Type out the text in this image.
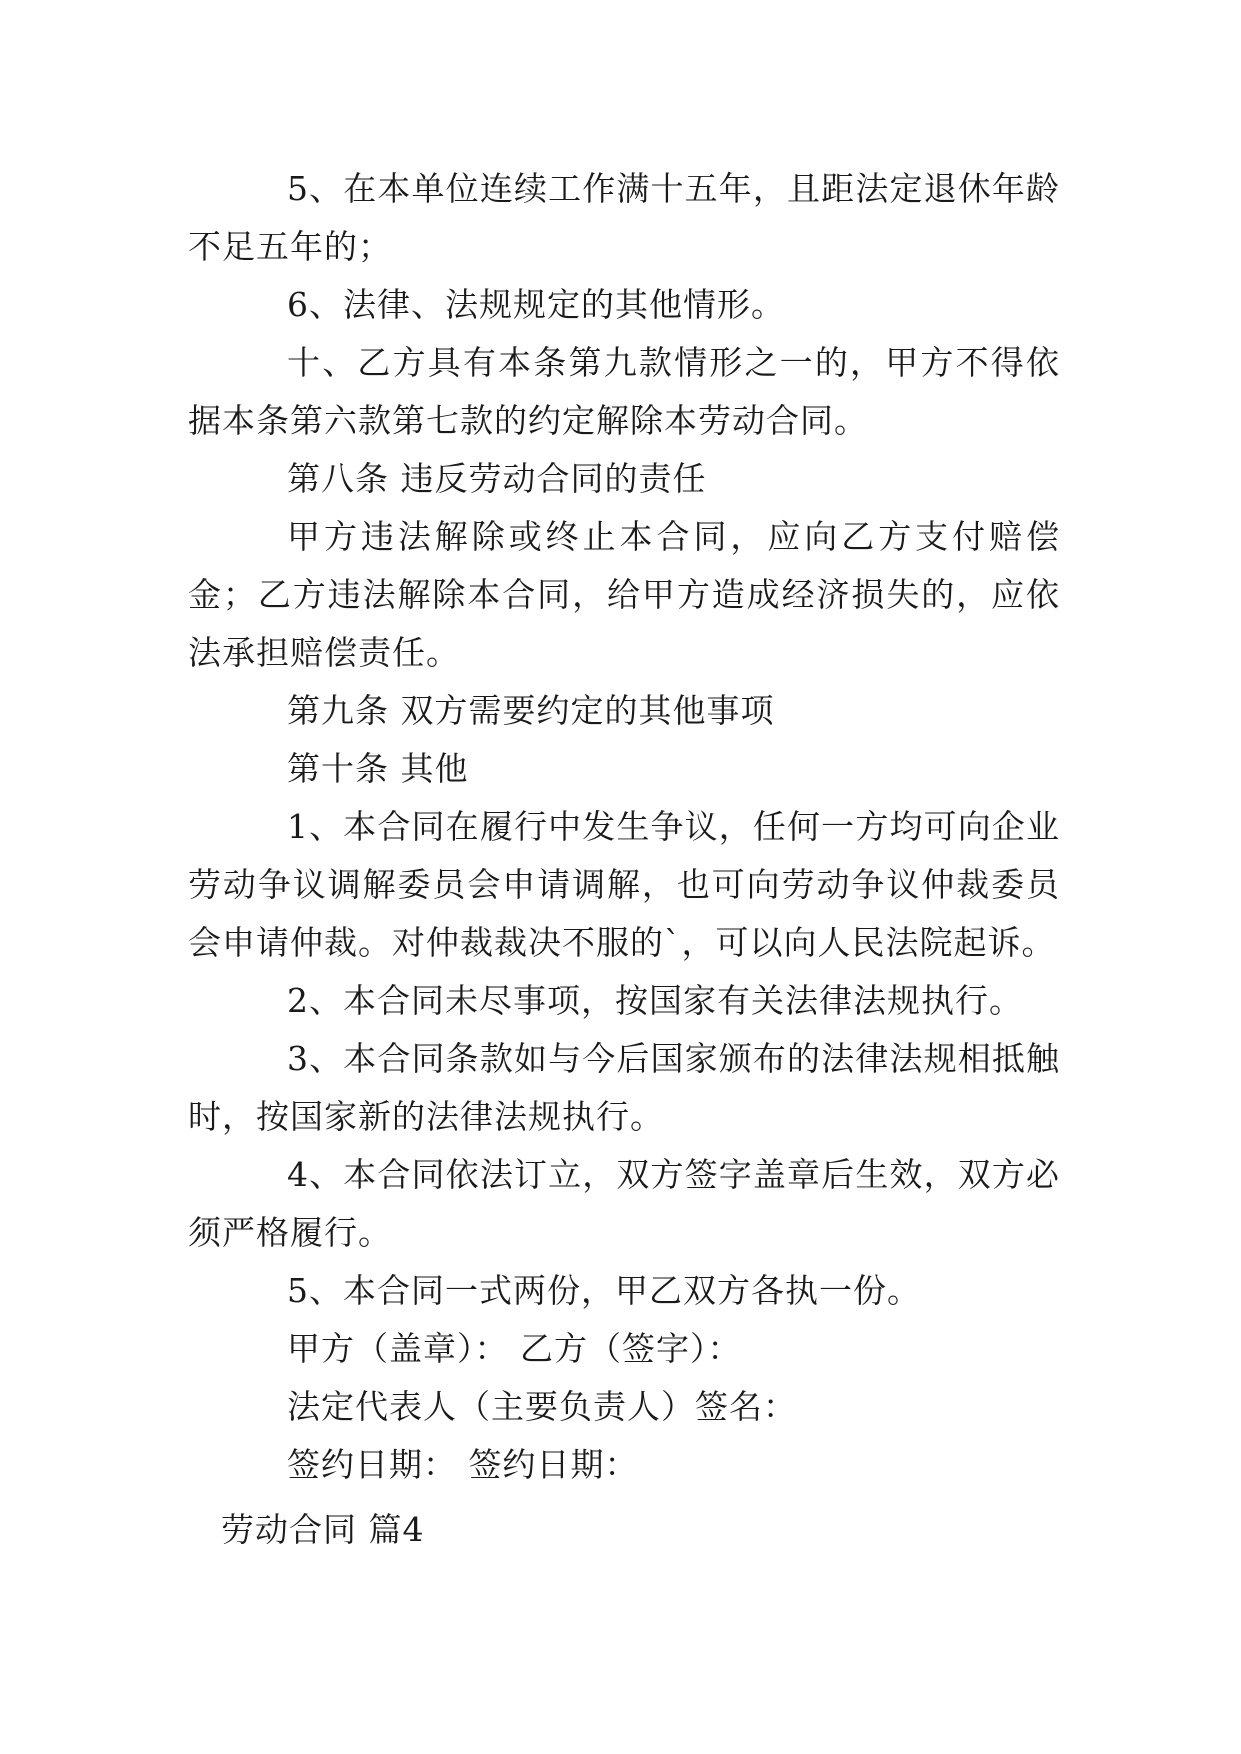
5、在本单位连续工作满十五年，且距法定退休年龄不足五年的；

6、法律、法规规定的其他情形。

十、乙方具有本条第九款情形之一的，甲方不得依据本条第六款第七款的约定解除本劳动合同。

第八条 违反劳动合同的责任

甲方违法解除或终止本合同，应向乙方支付赔偿金；乙方违法解除本合同，给甲方造成经济损失的，应依法承担赔偿责任。

第九条 双方需要约定的其他事项

第十条 其他

1、本合同在履行中发生争议，任何一方均可向企业劳动争议调解委员会申请调解，也可向劳动争议仲裁委员会申请仲裁。对仲裁裁决不服的`，可以向人民法院起诉。

2、本合同未尽事项，按国家有关法律法规执行。

3、本合同条款如与今后国家颁布的法律法规相抵触时，按国家新的法律法规执行。

4、本合同依法订立，双方签字盖章后生效，双方必须严格履行。

5、本合同一式两份，甲乙双方各执一份。

甲方（盖章）： 乙方（签字）：

法定代表人（主要负责人）签名：

签约日期： 签约日期：

劳动合同 篇4
